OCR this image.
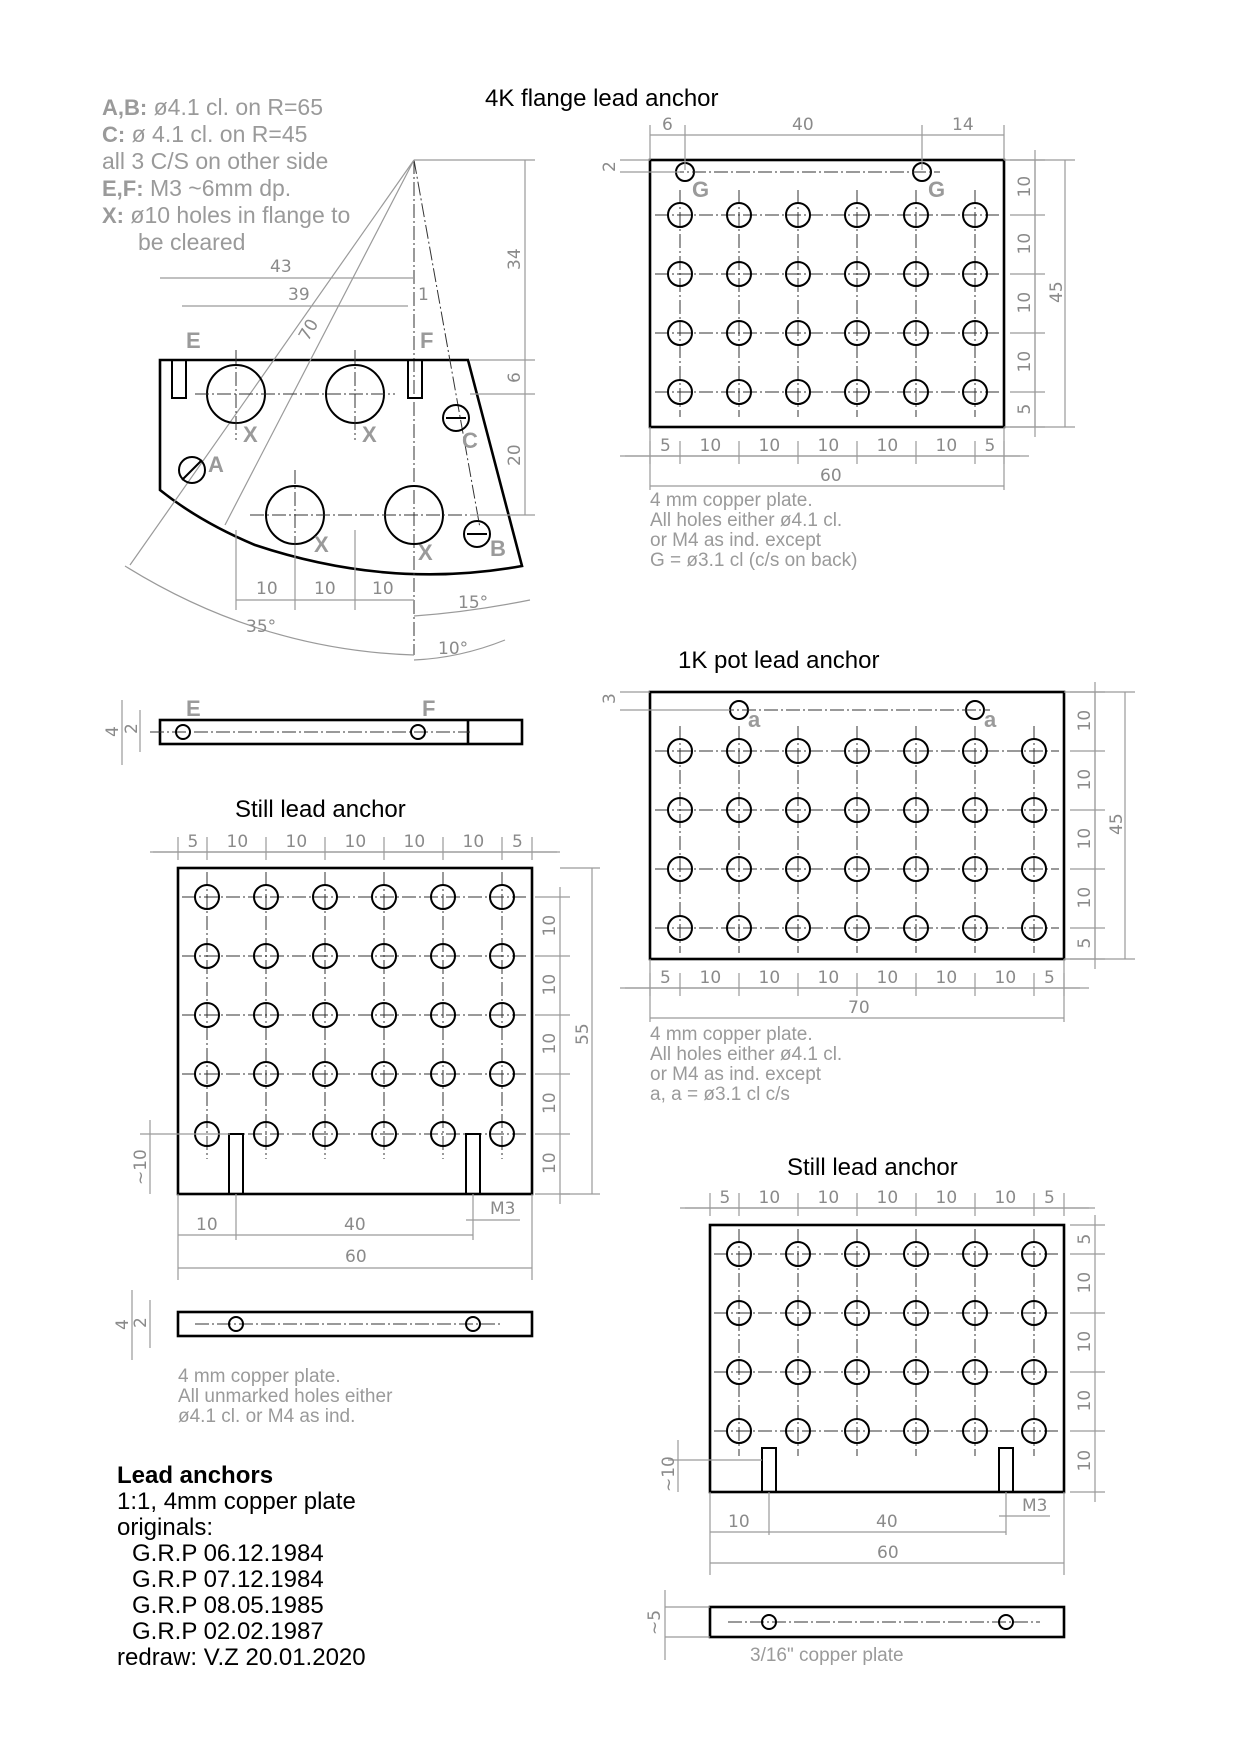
4K flange lead anchor
A,B: ø4.1 cl. on R=65
C: ø 4.1 cl. on R=45
all 3 C/S on other side
E,F: M3 ~6mm dp.
X: ø10 holes in flange to
be cleared
E	F
X	X
X	X
A
B
C
43
39	1
70
34
6
20
10 10 10
15°
35°
10°
E	F
4 2
G	G
6	40	14
2
60
45
5 10 10 10 10 10 5
10
10
10
10
5
4 mm copper plate.
All holes either ø4.1 cl.
or M4 as ind. except
G = ø3.1 cl (c/s on back)
1K pot lead anchor
a	a
3
70
45
5 10 10 10 10 10 10 5
10
10
10
10
5
4 mm copper plate.
All holes either ø4.1 cl.
or M4 as ind. except
a, a = ø3.1 cl c/s
Still lead anchor
55
~10
10	40
M3
60
5 10 10 10 10 10 5
10
10
10
10
10
4
2
4 mm copper plate.
All unmarked holes either
ø4.1 cl. or M4 as ind.
Still lead anchor
~10
10	40
M3
60
5 10 10 10 10 10 5
5
10
10
10
10
~5
3/16" copper plate
Lead anchors
1:1, 4mm copper plate
originals:
G.R.P 06.12.1984
G.R.P 07.12.1984
G.R.P 08.05.1985
G.R.P 02.02.1987
redraw: V.Z 20.01.2020
